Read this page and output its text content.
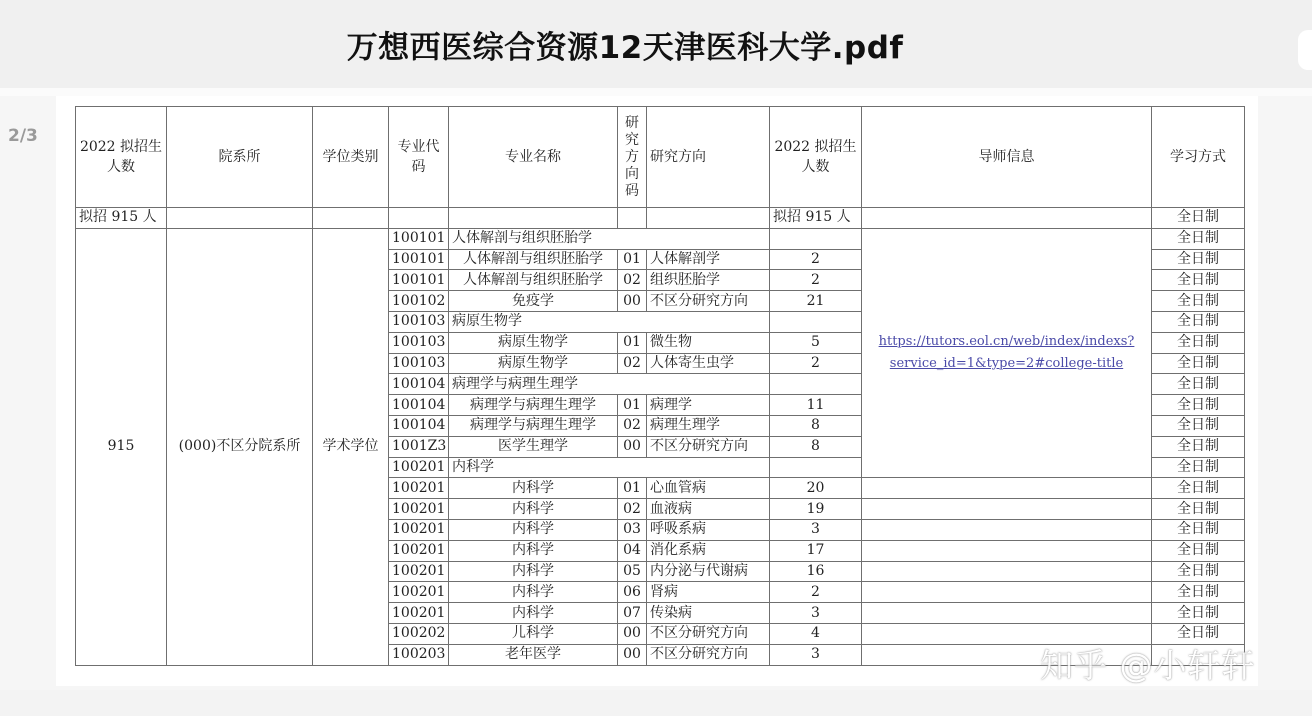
万想西医综合资源12天津医科大学.pdf
2/3
2022 拟招生人数	院系所	学位类别	专业代码	专业名称	研究方向码	研究方向	2022 拟招生人数	导师信息	学习方式
拟招 915 人							拟招 915 人		全日制
915	(000)不区分院系所	学术学位	100101	人体解剖与组织胚胎学				https://tutors.eol.cn/web/index/indexs?
service_id=1&type=2#college-title	全日制
			100101	人体解剖与组织胚胎学	01	人体解剖学	2		全日制
			100101	人体解剖与组织胚胎学	02	组织胚胎学	2		全日制
			100102	免疫学	00	不区分研究方向	21		全日制
			100103	病原生物学					全日制
			100103	病原生物学	01	微生物	5		全日制
			100103	病原生物学	02	人体寄生虫学	2		全日制
			100104	病理学与病理生理学					全日制
			100104	病理学与病理生理学	01	病理学	11		全日制
			100104	病理学与病理生理学	02	病理生理学	8		全日制
			1001Z3	医学生理学	00	不区分研究方向	8		全日制
			100201	内科学					全日制
			100201	内科学	01	心血管病	20		全日制
			100201	内科学	02	血液病	19		全日制
			100201	内科学	03	呼吸系病	3		全日制
			100201	内科学	04	消化系病	17		全日制
			100201	内科学	05	内分泌与代谢病	16		全日制
			100201	内科学	06	肾病	2		全日制
			100201	内科学	07	传染病	3		全日制
			100202	儿科学	00	不区分研究方向	4		全日制
			100203	老年医学	00	不区分研究方向	3			知乎 @小轩轩
